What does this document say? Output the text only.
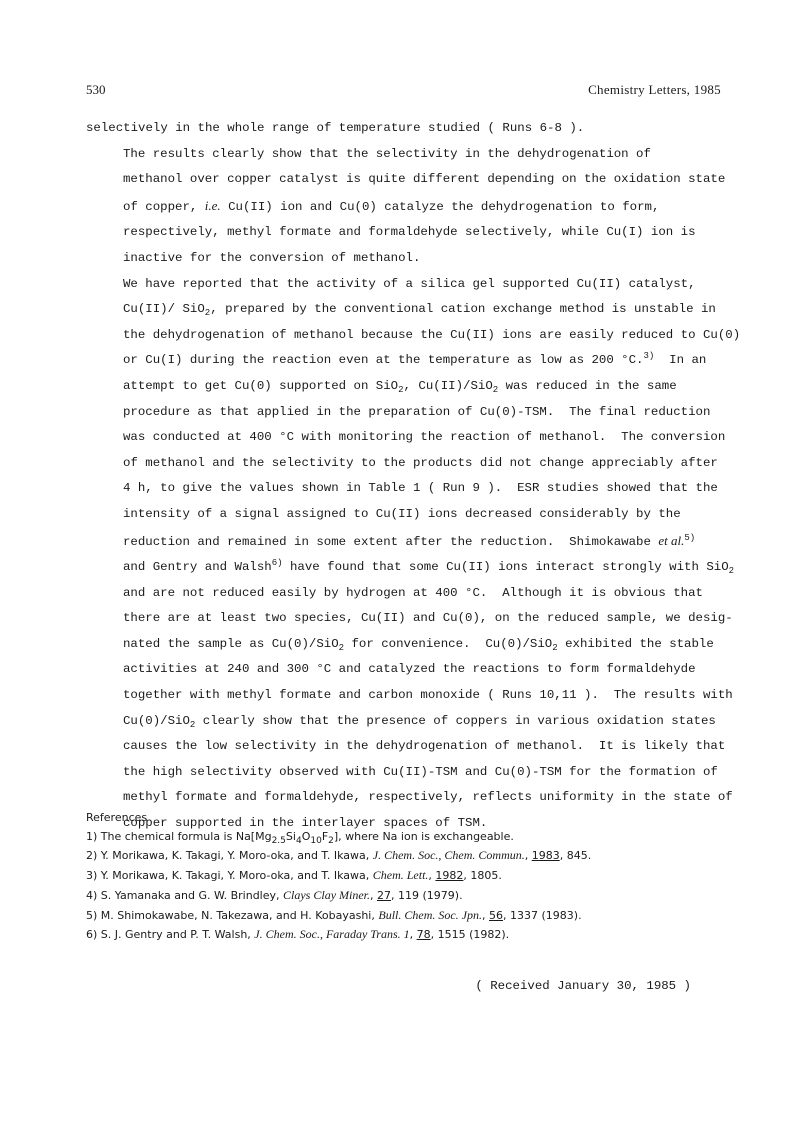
530	Chemistry Letters, 1985

selectively in the whole range of temperature studied ( Runs 6-8 ).

The results clearly show that the selectivity in the dehydrogenation of
methanol over copper catalyst is quite different depending on the oxidation state
of copper, i.e. Cu(II) ion and Cu(0) catalyze the dehydrogenation to form,
respectively, methyl formate and formaldehyde selectively, while Cu(I) ion is
inactive for the conversion of methanol.

We have reported that the activity of a silica gel supported Cu(II) catalyst,
Cu(II)/ SiO$_2$, prepared by the conventional cation exchange method is unstable in
the dehydrogenation of methanol because the Cu(II) ions are easily reduced to Cu(0)
or Cu(I) during the reaction even at the temperature as low as 200 °C.$^{3)}$  In an
attempt to get Cu(0) supported on SiO$_2$, Cu(II)/SiO$_2$ was reduced in the same
procedure as that applied in the preparation of Cu(0)-TSM.  The final reduction
was conducted at 400 °C with monitoring the reaction of methanol.  The conversion
of methanol and the selectivity to the products did not change appreciably after
4 h, to give the values shown in Table 1 ( Run 9 ).  ESR studies showed that the
intensity of a signal assigned to Cu(II) ions decreased considerably by the
reduction and remained in some extent after the reduction.  Shimokawabe et al.$^{5)}$
and Gentry and Walsh$^{6)}$ have found that some Cu(II) ions interact strongly with SiO$_2$
and are not reduced easily by hydrogen at 400 °C.  Although it is obvious that
there are at least two species, Cu(II) and Cu(0), on the reduced sample, we desig-
nated the sample as Cu(0)/SiO$_2$ for convenience.  Cu(0)/SiO$_2$ exhibited the stable
activities at 240 and 300 °C and catalyzed the reactions to form formaldehyde
together with methyl formate and carbon monoxide ( Runs 10,11 ).  The results with
Cu(0)/SiO$_2$ clearly show that the presence of coppers in various oxidation states
causes the low selectivity in the dehydrogenation of methanol.  It is likely that
the high selectivity observed with Cu(II)-TSM and Cu(0)-TSM for the formation of
methyl formate and formaldehyde, respectively, reflects uniformity in the state of
copper supported in the interlayer spaces of TSM.

References
1) The chemical formula is $Na[Mg_{2.5}Si_4O_{10}F_2]$, where Na ion is exchangeable.
2) Y. Morikawa, K. Takagi, Y. Moro-oka, and T. Ikawa, J. Chem. Soc., Chem. Commun., 1983, 845.
3) Y. Morikawa, K. Takagi, Y. Moro-oka, and T. Ikawa, Chem. Lett., 1982, 1805.
4) S. Yamanaka and G. W. Brindley, Clays Clay Miner., 27, 119 (1979).
5) M. Shimokawabe, N. Takezawa, and H. Kobayashi, Bull. Chem. Soc. Jpn., 56, 1337 (1983).
6) S. J. Gentry and P. T. Walsh, J. Chem. Soc., Faraday Trans. 1, 78, 1515 (1982).
( Received January 30, 1985 )
